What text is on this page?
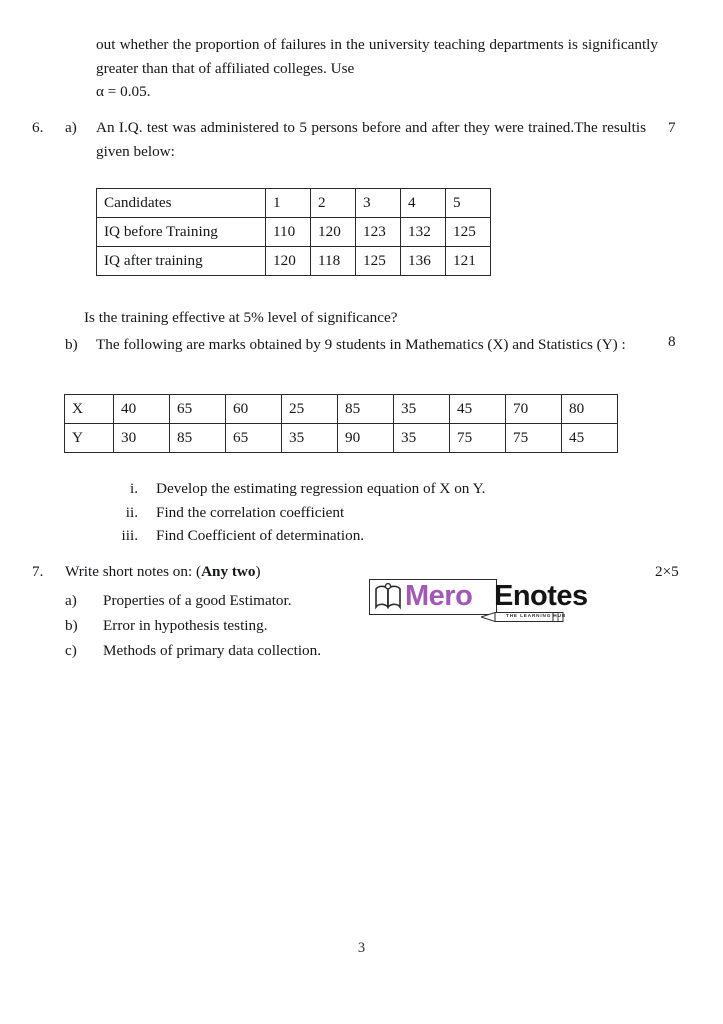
out whether the proportion of failures in the university teaching departments is significantly greater than that of affiliated colleges. Use
α = 0.05.
6. a) An I.Q. test was administered to 5 persons before and after they were trained.The resultis given below:
7
Candidates	1	2	3	4	5
IQ before Training	110	120	123	132	125
IQ after training	120	118	125	136	121
Is the training effective at 5% level of significance?
b) The following are marks obtained by 9 students in Mathematics (X) and Statistics (Y) :	8
X	40	65	60	25	85	35	45	70	80
Y	30	85	65	35	90	35	75	75	45
i.	Develop the estimating regression equation of X on Y.
ii.	Find the correlation coefficient
iii.	Find Coefficient of determination.
7. Write short notes on: (Any two)	2×5
a)	Properties of a good Estimator.
b)	Error in hypothesis testing.
c)	Methods of primary data collection.
Mero Enotes
THE LEARNING HUB
3
